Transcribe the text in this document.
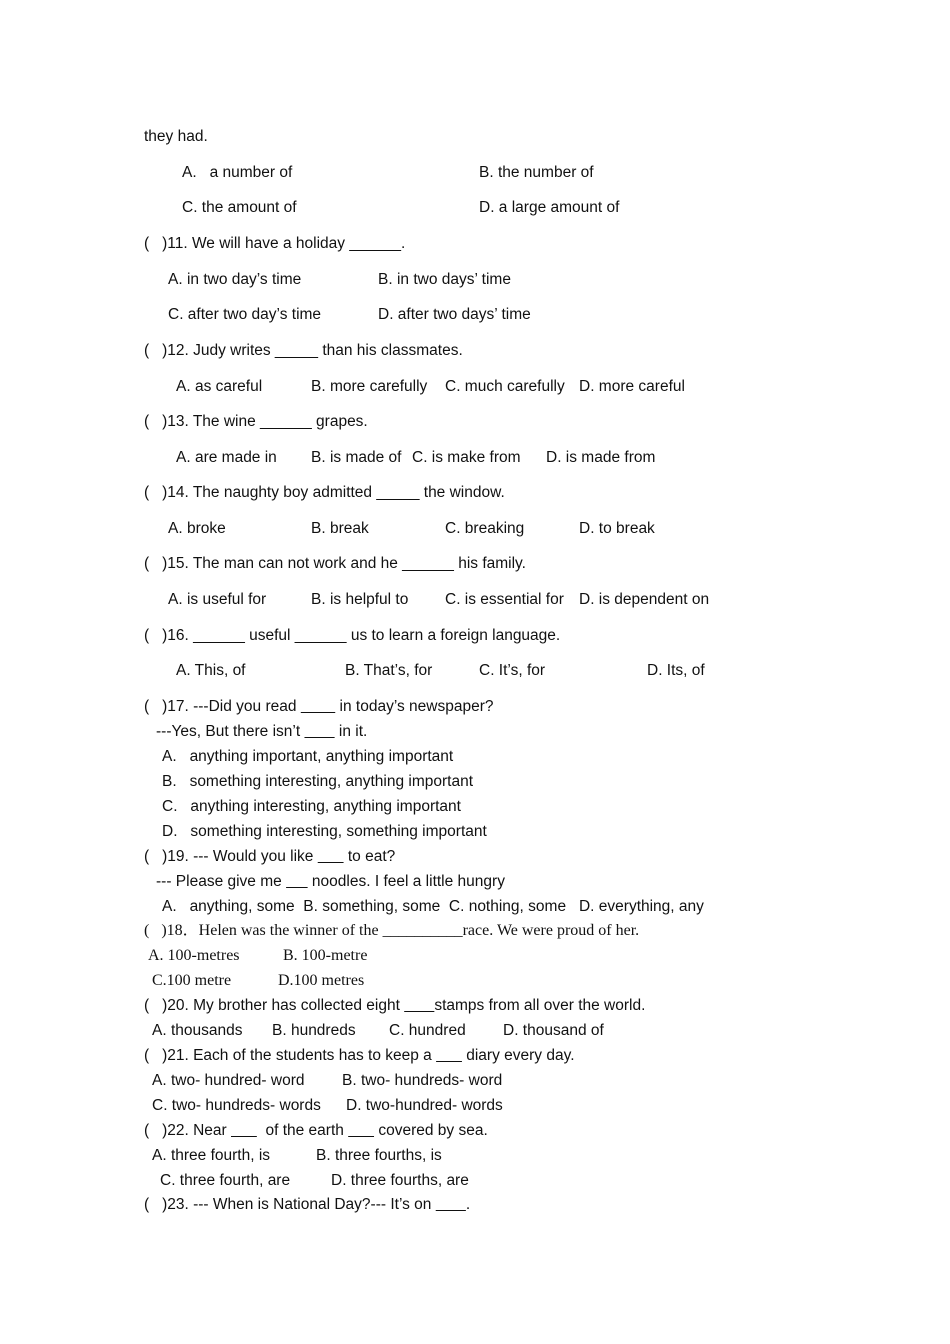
they had.
A.   a number of	B. the number of
C. the amount of	D. a large amount of
(   )11. We will have a holiday ______.
A. in two day’s time	B. in two days’ time
C. after two day’s time	D. after two days’ time
(   )12. Judy writes _____ than his classmates.
A. as careful	B. more carefully C. much carefully D. more careful
(   )13. The wine ______ grapes.
A. are made in B. is made of C. is make from D. is made from
(   )14. The naughty boy admitted _____ the window.
A. broke	B. break	C. breaking	D. to break
(   )15. The man can not work and he ______ his family.
A. is useful for	B. is helpful to C. is essential for D. is dependent on
(   )16. ______ useful ______ us to learn a foreign language.
A. This, of	B. That’s, for	C. It’s, for	D. Its, of
(   )17. ---Did you read          in today’s newspaper?
---Yes, But there isn’t         in it.
A.   anything important, anything important
B.   something interesting, anything important
C.   anything interesting, anything important
D.   something interesting, something important
(   )19. --- Would you like        to eat?
--- Please give me       noodles. I feel a little hungry
A.   anything, some  B. something, some  C. nothing, some   D. everything, any
(   )18．Helen was the winner of the __________race. We were proud of her.
A. 100-metres	B. 100-metre
C.100 metre	D.100 metres
(   )20. My brother has collected eight        stamps from all over the world.
A. thousands B. hundreds C. hundred D. thousand of
(   )21. Each of the students has to keep a        diary every day.
A. two- hundred- word B. two- hundreds- word
C. two- hundreds- words D. two-hundred- words
(   )22. Near         of the earth        covered by sea.
A. three fourth, is	B. three fourths, is
C. three fourth, are	D. three fourths, are
(   )23. --- When is National Day?--- It’s on        .
